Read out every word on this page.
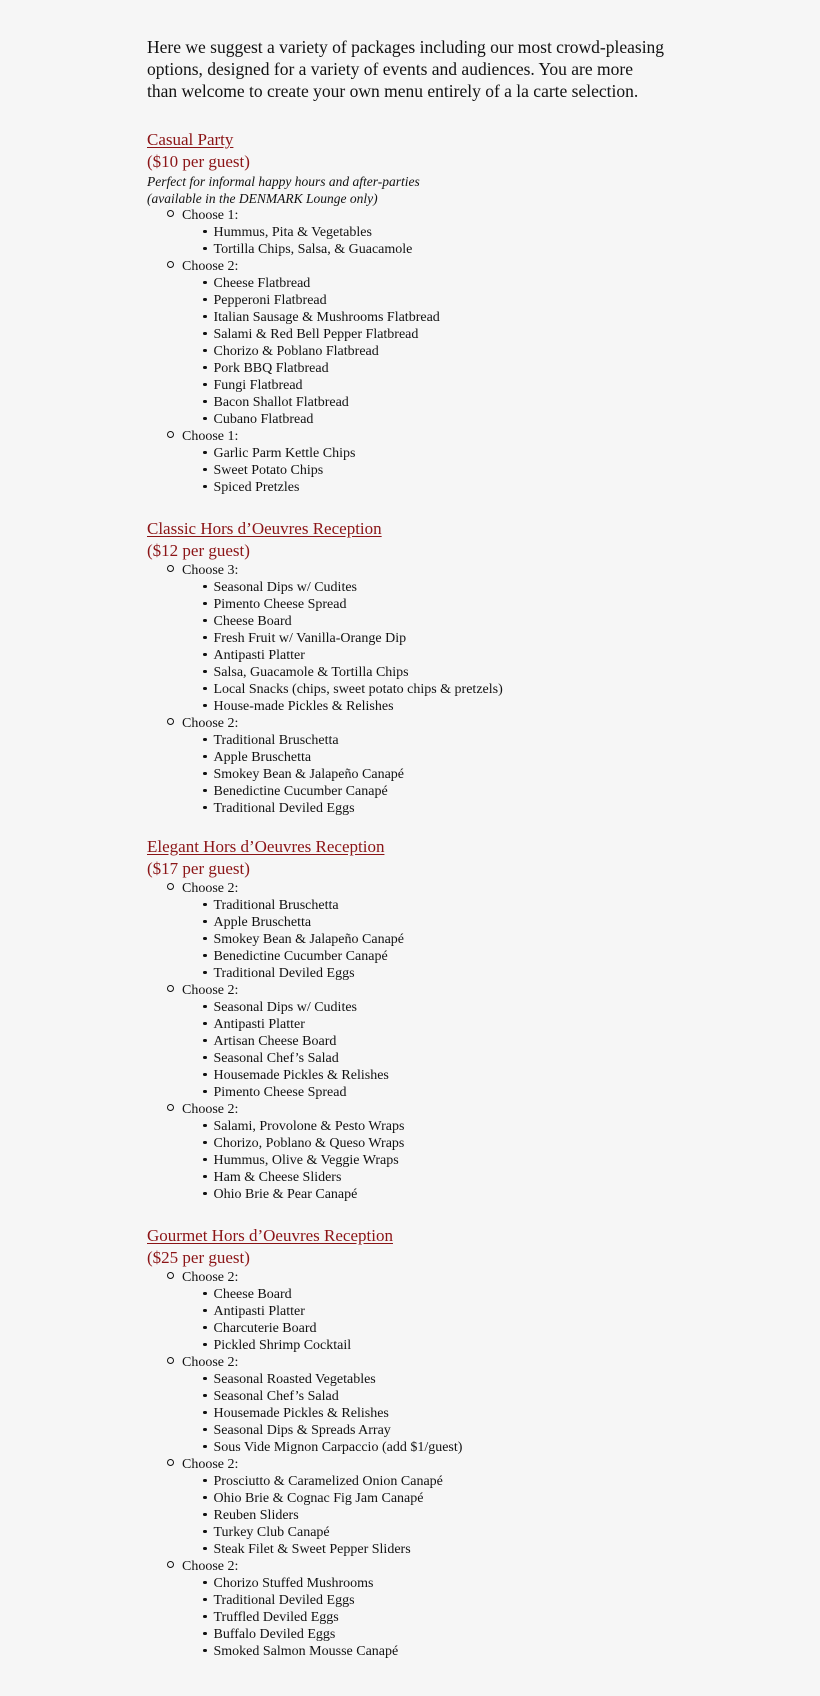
Here we suggest a variety of packages including our most crowd-pleasing
options, designed for a variety of events and audiences. You are more
than welcome to create your own menu entirely of a la carte selection.

Casual Party
($10 per guest)
Perfect for informal happy hours and after-parties
(available in the DENMARK Lounge only)
Choose 1:
Hummus, Pita & Vegetables
Tortilla Chips, Salsa, & Guacamole
Choose 2:
Cheese Flatbread
Pepperoni Flatbread
Italian Sausage & Mushrooms Flatbread
Salami & Red Bell Pepper Flatbread
Chorizo & Poblano Flatbread
Pork BBQ Flatbread
Fungi Flatbread
Bacon Shallot Flatbread
Cubano Flatbread
Choose 1:
Garlic Parm Kettle Chips
Sweet Potato Chips
Spiced Pretzles
Classic Hors d’Oeuvres Reception
($12 per guest)
Choose 3:
Seasonal Dips w/ Cudites
Pimento Cheese Spread
Cheese Board
Fresh Fruit w/ Vanilla-Orange Dip
Antipasti Platter
Salsa, Guacamole & Tortilla Chips
Local Snacks (chips, sweet potato chips & pretzels)
House-made Pickles & Relishes
Choose 2:
Traditional Bruschetta
Apple Bruschetta
Smokey Bean & Jalapeño Canapé
Benedictine Cucumber Canapé
Traditional Deviled Eggs
Elegant Hors d’Oeuvres Reception
($17 per guest)
Choose 2:
Traditional Bruschetta
Apple Bruschetta
Smokey Bean & Jalapeño Canapé
Benedictine Cucumber Canapé
Traditional Deviled Eggs
Choose 2:
Seasonal Dips w/ Cudites
Antipasti Platter
Artisan Cheese Board
Seasonal Chef’s Salad
Housemade Pickles & Relishes
Pimento Cheese Spread
Choose 2:
Salami, Provolone & Pesto Wraps
Chorizo, Poblano & Queso Wraps
Hummus, Olive & Veggie Wraps
Ham & Cheese Sliders
Ohio Brie & Pear Canapé
Gourmet Hors d’Oeuvres Reception
($25 per guest)
Choose 2:
Cheese Board
Antipasti Platter
Charcuterie Board
Pickled Shrimp Cocktail
Choose 2:
Seasonal Roasted Vegetables
Seasonal Chef’s Salad
Housemade Pickles & Relishes
Seasonal Dips & Spreads Array
Sous Vide Mignon Carpaccio (add $1/guest)
Choose 2:
Prosciutto & Caramelized Onion Canapé
Ohio Brie & Cognac Fig Jam Canapé
Reuben Sliders
Turkey Club Canapé
Steak Filet & Sweet Pepper Sliders
Choose 2:
Chorizo Stuffed Mushrooms
Traditional Deviled Eggs
Truffled Deviled Eggs
Buffalo Deviled Eggs
Smoked Salmon Mousse Canapé
